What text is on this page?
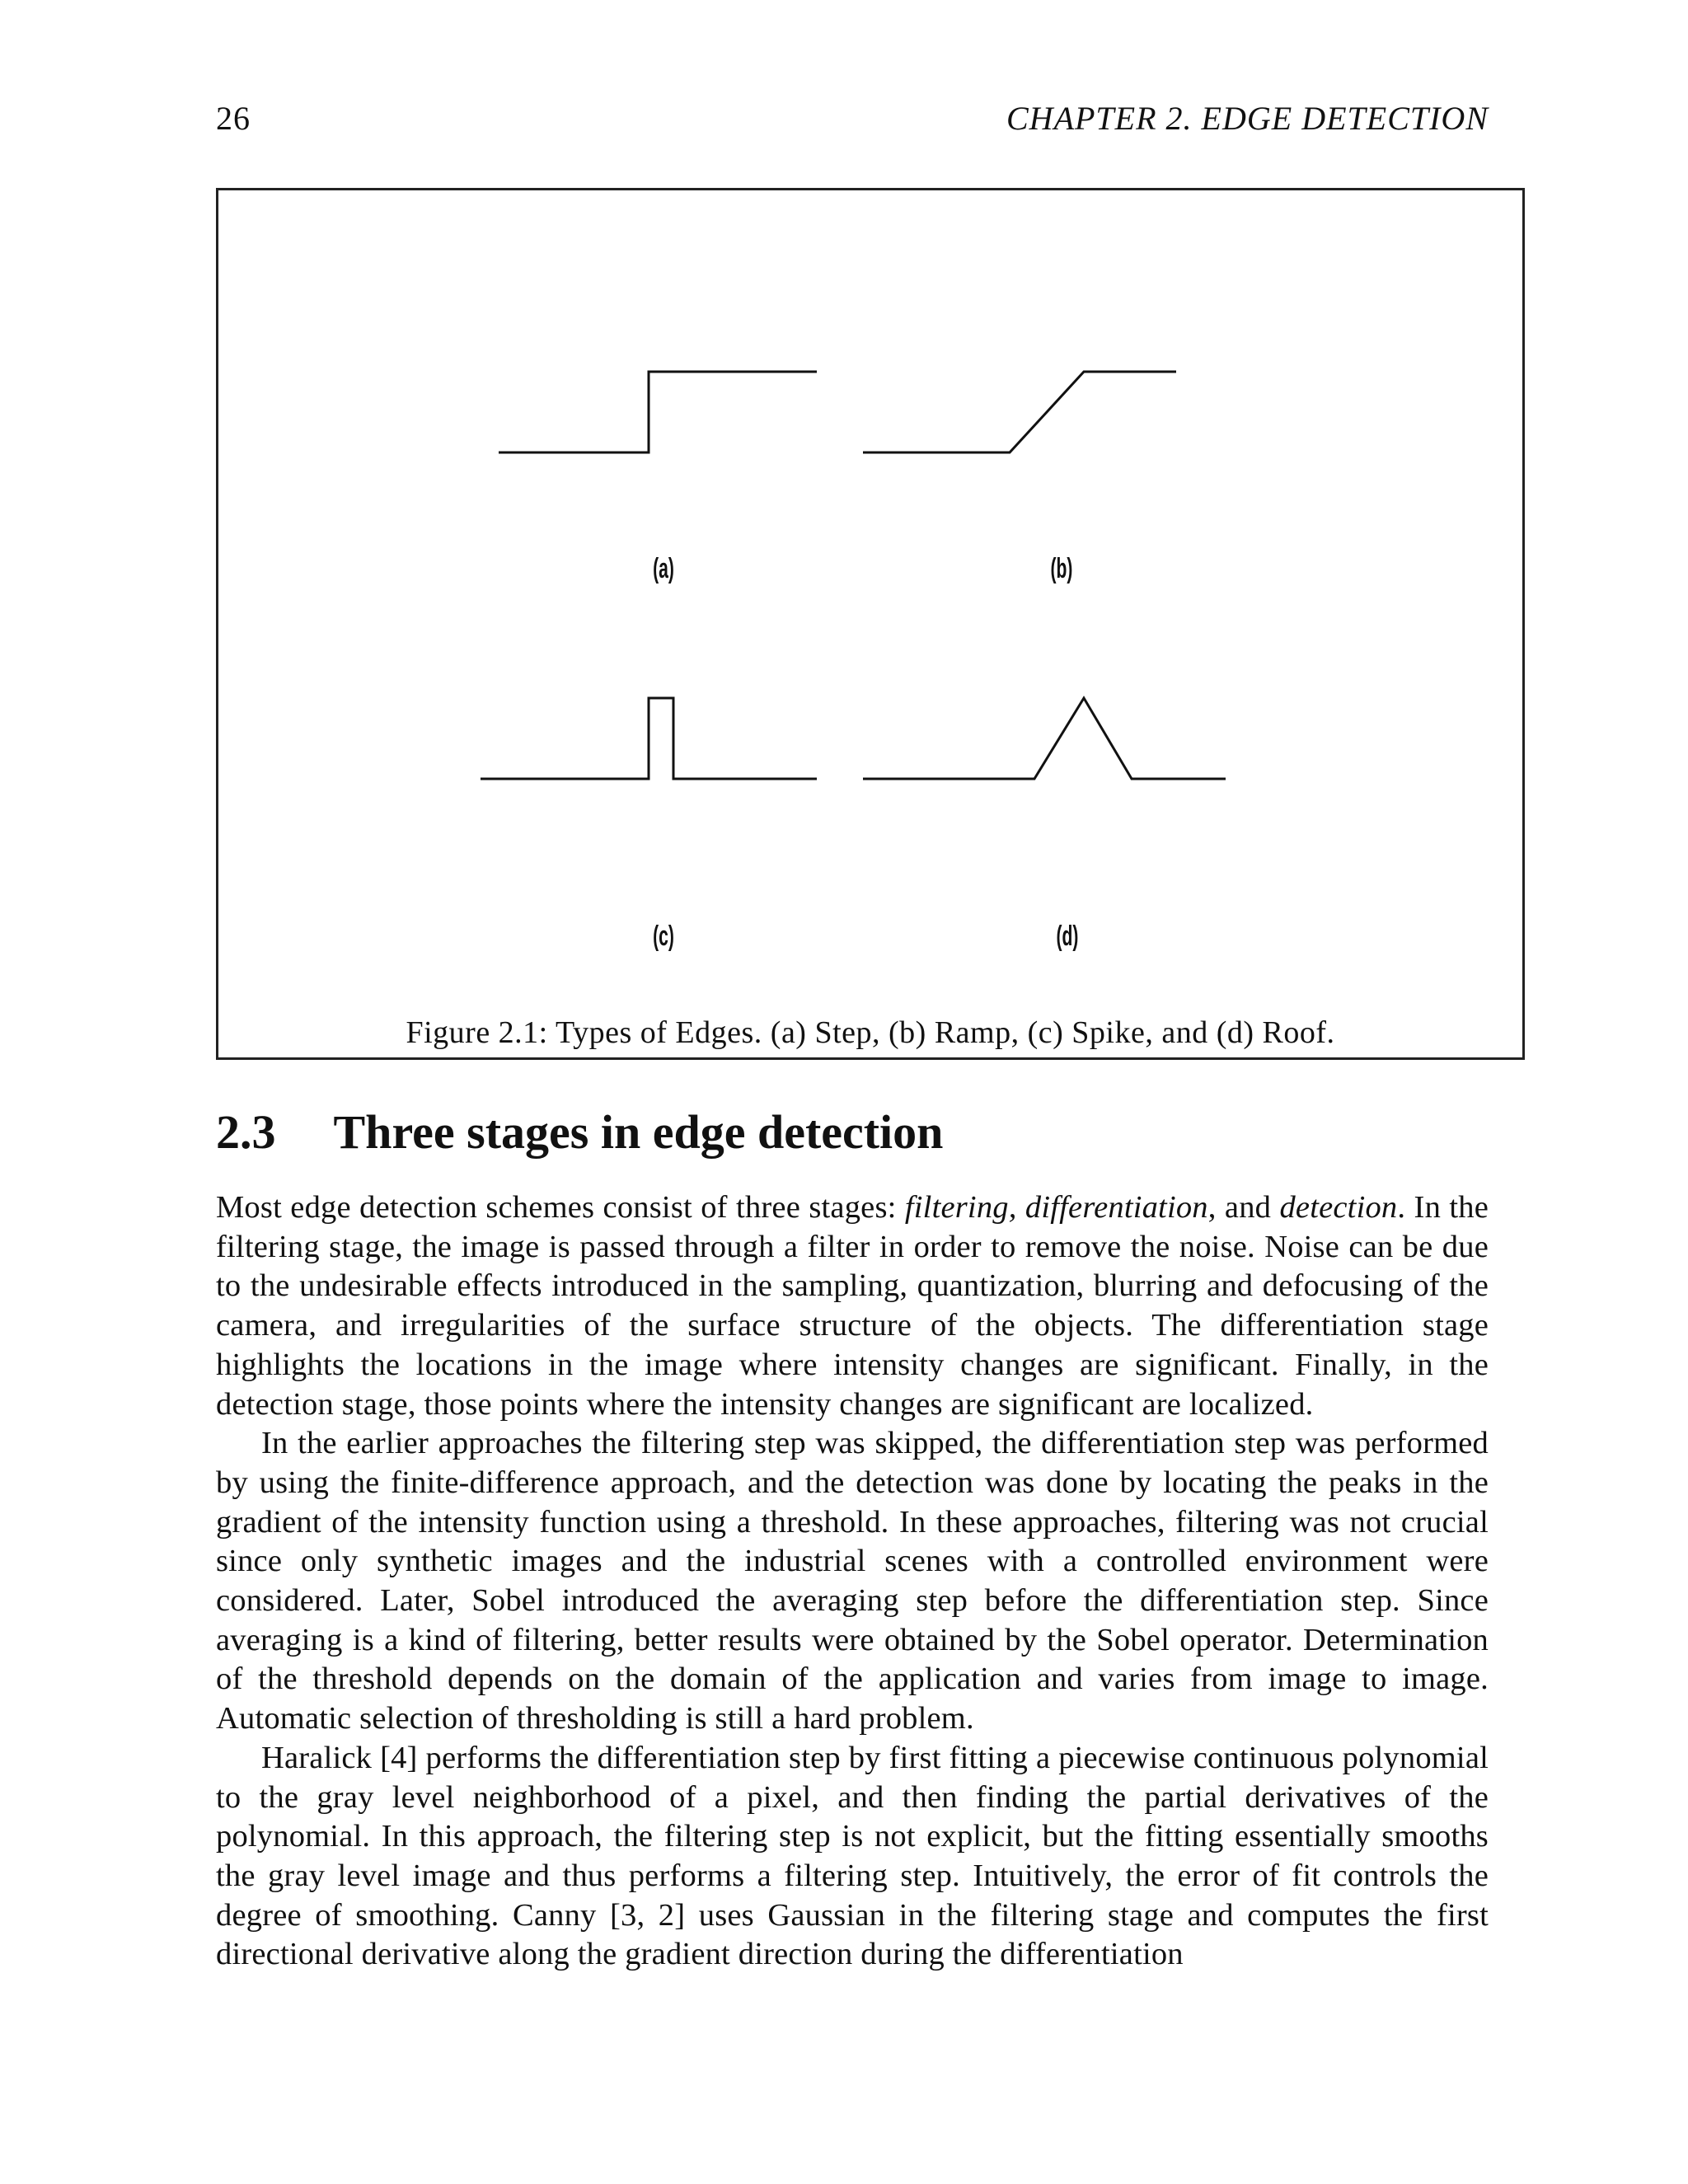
26	CHAPTER 2. EDGE DETECTION
(a)	(b)
(c)	(d)
Figure 2.1: Types of Edges. (a) Step, (b) Ramp, (c) Spike, and (d) Roof.
2.3 Three stages in edge detection

Most edge detection schemes consist of three stages: filtering, differentiation, and detection. In the filtering stage, the image is passed through a filter in order to remove the noise. Noise can be due to the undesirable effects introduced in the sampling, quantization, blurring and defocusing of the camera, and irregularities of the surface structure of the objects. The differentiation stage highlights the locations in the image where intensity changes are significant. Finally, in the detection stage, those points where the intensity changes are significant are localized.

In the earlier approaches the filtering step was skipped, the differentiation step was performed by using the finite-difference approach, and the detection was done by locating the peaks in the gradient of the intensity function using a threshold. In these approaches, filtering was not crucial since only synthetic images and the industrial scenes with a controlled environment were considered. Later, Sobel introduced the averaging step before the differentiation step. Since averaging is a kind of filtering, better results were obtained by the Sobel operator. Determination of the threshold depends on the domain of the application and varies from image to image. Automatic selection of thresholding is still a hard problem.

Haralick [4] performs the differentiation step by first fitting a piecewise continuous polynomial to the gray level neighborhood of a pixel, and then finding the partial derivatives of the polynomial. In this approach, the filtering step is not explicit, but the fitting essentially smooths the gray level image and thus performs a filtering step. Intuitively, the error of fit controls the degree of smoothing. Canny [3, 2] uses Gaussian in the filtering stage and computes the first directional derivative along the gradient direction during the differentiation
